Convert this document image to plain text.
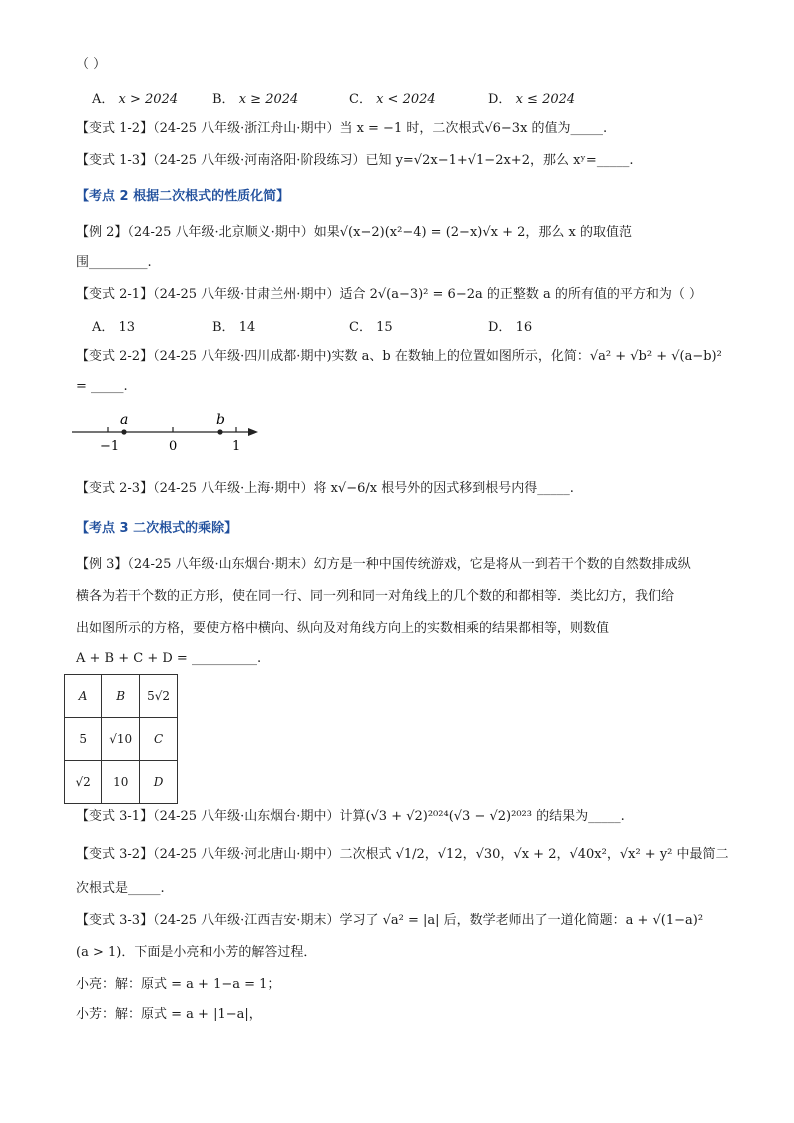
（ ）
A． x > 2024	B． x ≥ 2024	C． x < 2024	D． x ≤ 2024
【变式 1-2】（24-25 八年级·浙江舟山·期中）当 x = −1 时，二次根式√6−3x 的值为_____.
【变式 1-3】（24-25 八年级·河南洛阳·阶段练习）已知 y=√2x−1+√1−2x+2，那么 xʸ=_____.
【考点 2 根据二次根式的性质化简】
【例 2】（24-25 八年级·北京顺义·期中）如果√(x−2)(x²−4) = (2−x)√x + 2，那么 x 的取值范
围_________.
【变式 2-1】（24-25 八年级·甘肃兰州·期中）适合 2√(a−3)² = 6−2a 的正整数 a 的所有值的平方和为（ ）
A． 13	B． 14	C． 15	D． 16
【变式 2-2】（24-25 八年级·四川成都·期中)实数 a、b 在数轴上的位置如图所示，化简：√a² + √b² + √(a−b)²
= _____.
a	b
−1	0	1
【变式 2-3】（24-25 八年级·上海·期中）将 x√−6/x 根号外的因式移到根号内得_____.
【考点 3 二次根式的乘除】
【例 3】（24-25 八年级·山东烟台·期末）幻方是一种中国传统游戏，它是将从一到若干个数的自然数排成纵
横各为若干个数的正方形，使在同一行、同一列和同一对角线上的几个数的和都相等．类比幻方，我们给
出如图所示的方格，要使方格中横向、纵向及对角线方向上的实数相乘的结果都相等，则数值
A + B + C + D = __________.
A	B	5√2
5	√10	C
√2	10	D
【变式 3-1】（24-25 八年级·山东烟台·期中）计算(√3 + √2)²⁰²⁴(√3 − √2)²⁰²³ 的结果为_____.
【变式 3-2】（24-25 八年级·河北唐山·期中）二次根式 √1/2，√12，√30，√x + 2，√40x²，√x² + y² 中最简二
次根式是_____.
【变式 3-3】（24-25 八年级·江西吉安·期末）学习了 √a² = |a| 后，数学老师出了一道化简题：a + √(1−a)²
(a > 1)．下面是小亮和小芳的解答过程．
小亮：解：原式 = a + 1−a = 1；
小芳：解：原式 = a + |1−a|，
